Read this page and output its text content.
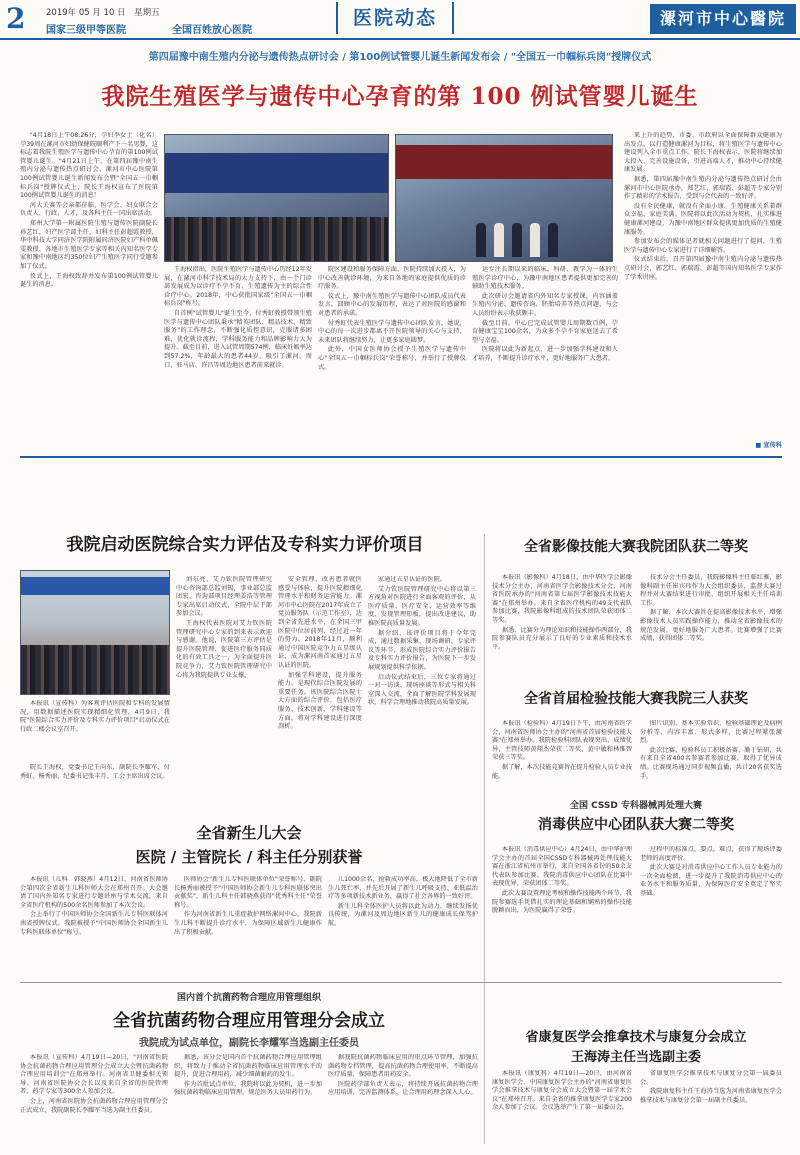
2 2019年 05 月 10 日　星期五
国家三级甲等医院	全国百姓放心医院
医院动态	漯河市中心醫院
第四届豫中南生殖内分泌与遗传热点研讨会 / 第100例试管婴儿诞生新闻发布会 / "全国五一巾帼标兵岗"授牌仪式
我院生殖医学与遗传中心孕育的第 100 例试管婴儿诞生

"4月18日上午08:26分，孕妇李女士（化名）孕39周在漯河市妇幼保健院顺利产下一名男婴，这标志着我院生殖医学与遗传中心孕育的第100例试管婴儿诞生。"4月21日上午，在第四届豫中南生殖内分泌与遗传热点研讨会、漯河市中心医院第100例试管婴儿诞生新闻发布会暨"全国五一巾帼标兵岗"授牌仪式上，院长王海权宣布了医院第100例试管婴儿诞生的消息！

河大关赛等会亲都莅临，医学会、妇女联合会负责人、行政、人才，及各科主任一同出席活动。

郑州大学第一附属医院生殖与遗传医院副院长孙艺红，妇产医学部主任，妇科主任彭超霞教授，华中科技大学同济医学院附属同济医院妇产科单佩雯教授，各地市生殖医学专家等相关内知名医学专家和豫中南地区约350位妇产生殖医学同行受邀参加了仪式。

仪式上，王海权致辞并发布第100例试管婴儿诞生的消息。

王海权指出，医院生殖医学与遗传中心历经12年发展，在漯河市科学技术局的大力支持下，由一个门诊部发展成为以诊疗不孕不育、生殖遗传为主的综合性诊疗中心。2018年，中心获批国家级"全国五一巾帼标兵岗"称号。

自首例"试管婴儿"诞生至今，付秀虹教授带领生殖医学与遗传中心团队秉承"精英团队、精品技术、精致服务"的工作理念，不断强化质控意识，克服诸多困难，优化就诊流程，学科服务能力和品牌影响力大为提升。截至目前，进入试管周期574例，临床妊娠率达到57.2%，年龄最大的患者44岁，吸引了漯河、周口、驻马店、许昌等周边地区患者前来就诊。

院区建设和服务保障方面，医院持续加大投入，为中心改善就诊环境，为来自各地的家庭提供优质的诊疗服务。

仪式上，豫中南生殖医学与遗传中心团队成员代表发言，回顾中心的发展历程，表达了对医院的感谢和对患者的承诺。

付秀虹代表生殖医学与遗传中心团队发言，她说，中心的每一次进步都离不开医院领导的关心与支持，未来团队将继续努力，让更多家庭圆梦。

此外，中国女医师协会授予生殖医学与遗传中心"全国五一巾帼标兵岗"荣誉称号，并举行了授牌仪式。

运专注长期以来的临床、科研、教学为一体的生殖医学诊疗中心，为豫中南地区患者提供更加完善的辅助生殖技术服务。

此次研讨会邀请省内外知名专家授课，内容涵盖生殖内分泌、遗传咨询、胚胎培养等热点问题，与会人员纷纷表示收获颇丰。

截至目前，中心已完成试管婴儿周期数百例，孕育健康宝宝100余名，为众多不孕不育家庭送去了希望与幸福。

医院将以此为新起点，进一步加强学科建设和人才培养，不断提升诊疗水平，更好地服务广大患者。

来上升的趋势，市委、市政府以全面保障群众健康为出发点，以打造健康漯河为目标，将生殖医学与遗传中心建设列入全市重点工作。院长王海权表示，医院将继续加大投入，完善设施设备，引进高端人才，推动中心持续健康发展。

据悉，第四届豫中南生殖内分泌与遗传热点研讨会由漯河市中心医院承办，郑艺红、郭瑞霞、彭超等专家分别作了精彩的学术报告，受到与会代表的一致好评。

没有全民健康，就没有全面小康。生殖健康关系着群众幸福、家庭美满。医院将以此次活动为契机，扎实推进健康漯河建设，为豫中南地区群众提供更加优质的生殖健康服务。

参加发布会的媒体记者就相关问题进行了提问，生殖医学与遗传中心专家进行了详细解答。

仪式结束后，召开第四届豫中南生殖内分泌与遗传热点研讨会，郭艺红、郭瑞霞、彭超等国内知名医学专家作了学术讲座。

■ 宣传科
我院启动医院综合实力评估及专科实力评价项目

本报讯（宣传科）为客观评估医院和专科的发展情况，用数据描述医院实现精细化管理，4月9日，我院"医院综合实力评价及专科实力评价项目"启动仪式在行政二楼会议室召开。

院长王海权，党委书记王向东，副院长李耀军、付秀虹、杨秀丽、纪委书记张丰月、工会主席出席会议。

刘东亮、艾力钦医院管理研究中心咨询部总监刘锡，事业部总监团宏、咨询部项目经理姜浩等管理专家出席启动仪式，全院中层干部参加会议。

王海权代表医院对艾力钦医院管理研究中心专家的到来表示欢迎与感谢。他说，医院第三方评估是提升医院管理、促进医疗服务同质化的有效工具之一，为全面提升医院竞争力，艾力钦医院管理研究中心将为我院提供专业支撑。

安全管理，改善患者就医感受与体验，提升医院精细化管理水平和财务运营能力。漯河市中心医院在2017年成立了党员服务队（示范工作室），达到全省先进水平，在全国三甲医院中位居前列，经过近一年的努力，2018年11月，顺利通过中国医院竞争力五星级认证，成为漯河南首家通过五星认证的医院。

加强学科建设，提升服务能力，是现代综合医院发展的重要任务。该医院综合医院十大方面的综合评价，包括医疗服务、技术创新、学科建设等方面，将对学科建设进行深度剖析。

家通过五星认证的医院。

艾力钦医院管理研究中心将以第三方视角对医院进行全面客观的评价，从医疗质量、医疗安全、运营效率等维度，发现管理短板，提出改进建议，助推医院高质量发展。

据介绍，该评价项目将于今年完成，通过数据采集、现场调研、专家评议等环节，形成医院综合实力评价报告及专科实力评价报告，为医院下一步发展规划提供科学依据。

启动仪式结束后，三位专家将通过一对一访谈、现场座谈等形式与相关科室深入交流，全面了解医院学科发展现状，科学合理地推动我院高质量发展。

全省影像技能大赛我院团队获二等奖

本报讯（影像科）4月18日，由中华医学会影像技术分会主办，河南省医学会影像技术分会、河南省医院承办的"河南省第七届医学影像技术技能大赛"在郑州举办。来自全省医疗机构的49支代表队参加比赛，我院影像科组成的技术团队荣获团体二等奖。

据悉，比赛分为理论知识和技能操作两部分，我院参赛队员充分展示了良好的专业素质和技术水平。

技术分会主任委员，我院影像科主任临红雅，影像科副主任崔宾玮作为大会组织委员，监督大赛过程并对大赛结果进行审批，组织开展相关主任培训工作。

据了解，本次大赛旨在提高影像技术水平，增强影像技术人员实践操作能力，推动全省影像技术的规范发展，更好地服务广大患者。比赛增强了比赛成绩，获得团体二等奖。

全省首届检验技能大赛我院三人获奖

本报讯（检验科）4月19日下午，由河南省医学会、河南省医师协会主办的"河南省首届检验技能大赛"在郑州举办。我院检验科团队表现突出，成绩优异，主管技师黄翔杰荣获二等奖，黄中敏和林惟智荣获三等奖。

据了解，本次技能竞赛旨在提升检验人员专业技能。

图片识别、基本实验常识、检验基础理论及病例分析等，内容丰富、形式多样，比赛过程紧张激烈。

此次比赛，检验科员工积极备赛、勤于钻研，共有来自全省400名参赛者参加比赛，取得了优异成绩。比赛现场通过同步视频直播，共计20名获奖选手。

全国 CSSD 专科器械再处理大赛
消毒供应中心团队获大赛二等奖

本报讯（消毒供应中心）4月24日，由中华护理学会主办的首届全国CSSD专科器械再处理技能大赛在浙江省杭州市举行，来自全国各省份的50余支代表队参加比赛。我院消毒供应中心团队在比赛中表现优异，荣获团体二等奖。

此次大赛设置理论考核和操作技能两个环节，我院参赛选手凭借扎实的理论基础和娴熟的操作技能脱颖而出，为医院赢得了荣誉。

过程中的标准点，要点，难点，获得了现场评委老师的高度评价。

此次大赛是对消毒供应中心工作人员专业能力的一次全面检阅，进一步提升了我院消毒供应中心的业务水平和服务质量，为保障医疗安全奠定了坚实基础。

全省新生儿大会
医院 / 主管院长 / 科主任分别获誉

本报讯（儿科　韩晓燕）4月12日，河南省医师协会第四次全省新生儿科医师大会在郑州召开。大会邀请了国内外知名专家进行专题讲座与学术交流，来自全省医疗机构的500余名医师参加了本次会议。

会上举行了中国医师协会全国新生儿专科医联体河南省授牌仪式，我院被授予"中国医师协会全国新生儿专科医联体单位"称号。

医师协会"新生儿专科医联体单位"荣誉称号，副院长杨秀丽被授予"中国医师协会新生儿专科医联体突出贡献奖"，新生儿科主任韩晓燕获得"优秀科主任"荣誉称号。

作为河南省新生儿重症救护网络漯河中心，我院新生儿科不断提升诊疗水平，为保障区域新生儿健康作出了积极贡献。

儿1000余名，抢救成功率高，极大地降低了全市新生儿死亡率，并先后开展了新生儿呼吸支持、亚低温治疗等多项新技术新业务，赢得了社会各界的一致好评。

新生儿科全体医护人员将以此为动力，继续发扬优良传统，为漯河及周边地区新生儿的健康成长保驾护航。

国内首个抗菌药物合理应用管理组织
全省抗菌药物合理应用管理分会成立
我院成为试点单位，副院长李耀军当选副主任委员

本报讯（宣传科）4月19日—20日，"河南省医院协会抗菌药物合理应用管理分会成立大会暨抗菌药物合理应用培训会"在郑州举行。河南省卫健委相关领导、河南省医院协会会长以及来自全省的医院管理者、药学专家等300余人参加会议。

会上，河南省医院协会抗菌药物合理应用管理分会正式成立，我院副院长李耀军当选为副主任委员。

据悉，该分会是国内首个抗菌药物合理应用管理组织，将致力于推动全省抗菌药物临床应用管理水平的提升，促进合理用药，减少细菌耐药的发生。

作为首批试点单位，我院将以此为契机，进一步加强抗菌药物临床应用管理，规范医务人员用药行为。

据我院抗菌药物临床应用的重点环节管理，加强抗菌药物专档管理，提高抗菌药物合理使用率，不断提高医疗质量，保障患者用药安全。

医院药学部负责人表示，将持续开展抗菌药物合理应用培训，完善监测体系，让合理用药理念深入人心。

省康复医学会推拿技术与康复分会成立
王海涛主任当选副主委

本报讯（康复科）4月19日—20日，由河南省康复医学会、中国康复医学会主办的"河南省康复医学会推拿技术与康复分会成立大会暨第一届学术会议"在郑州召开。来自全省的推拿康复医学专家200余人参加了会议。会议选举产生了第一届委员会。

省康复医学会推拿技术与康复分会第一届委员会。

我院康复科主任王海涛当选为河南省康复医学会推拿技术与康复分会第一届副主任委员。
